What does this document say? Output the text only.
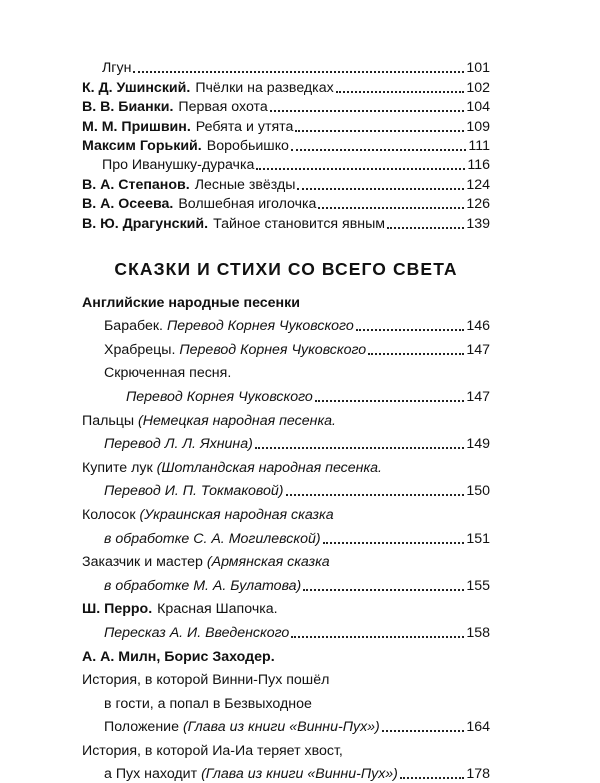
Лгун	101
К. Д. Ушинский. Пчёлки на разведках	102
В. В. Бианки. Первая охота	104
М. М. Пришвин. Ребята и утята	109
Максим Горький. Воробьишко	111
Про Иванушку-дурачка	116
В. А. Степанов. Лесные звёзды	124
В. А. Осеева. Волшебная иголочка	126
В. Ю. Драгунский. Тайное становится явным	139
СКАЗКИ И СТИХИ СО ВСЕГО СВЕТА
Английские народные песенки
Барабек.
Перевод Корнея Чуковского	146
Храбрецы.
Перевод Корнея Чуковского	147
Скрюченная песня.
Перевод Корнея Чуковского	147
Пальцы
(Немецкая народная песенка.
Перевод Л. Л. Яхнина)	149
Купите лук
(Шотландская народная песенка.
Перевод И. П. Токмаковой)	150
Колосок
(Украинская народная сказка
в обработке С. А. Могилевской)	151
Заказчик и мастер
(Армянская сказка
в обработке М. А. Булатова)	155
Ш. Перро. Красная Шапочка.
Пересказ А. И. Введенского	158
А. А. Милн, Борис Заходер.
История, в которой Винни-Пух пошёл
в гости, а попал в Безвыходное
Положение
(Глава из книги «Винни-Пух»)	164
История, в которой Иа-Иа теряет хвост,
а Пух находит
(Глава из книги «Винни-Пух»)	178
